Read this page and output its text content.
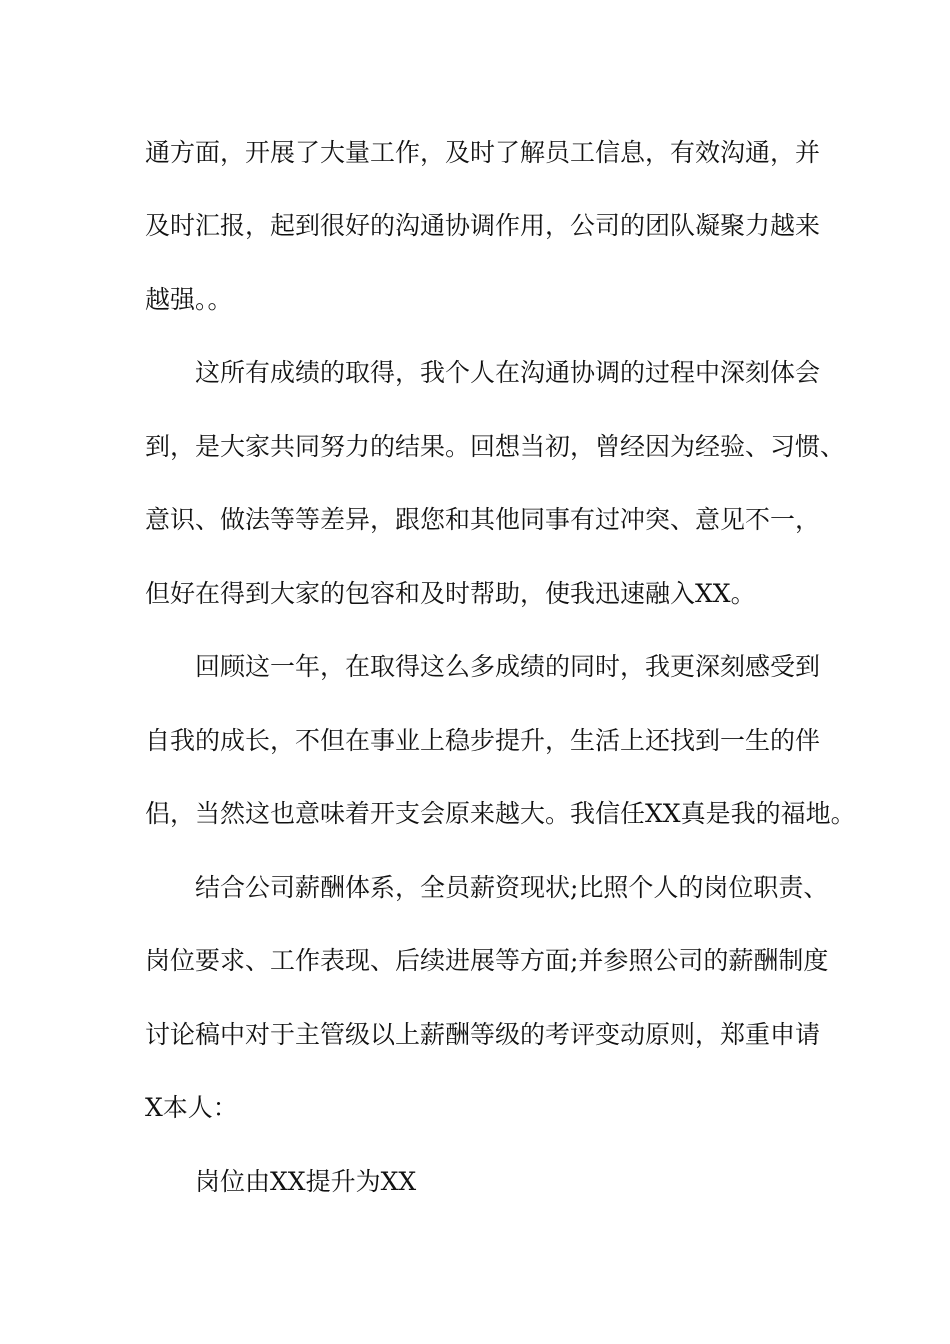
通方面，开展了大量工作，及时了解员工信息，有效沟通，并
及时汇报，起到很好的沟通协调作用，公司的团队凝聚力越来
越强。。
这所有成绩的取得，我个人在沟通协调的过程中深刻体会
到，是大家共同努力的结果。回想当初，曾经因为经验、习惯、
意识、做法等等差异，跟您和其他同事有过冲突、意见不一，
但好在得到大家的包容和及时帮助，使我迅速融入XX。
回顾这一年，在取得这么多成绩的同时，我更深刻感受到
自我的成长，不但在事业上稳步提升，生活上还找到一生的伴
侣，当然这也意味着开支会原来越大。我信任XX真是我的福地。
结合公司薪酬体系，全员薪资现状;比照个人的岗位职责、
岗位要求、工作表现、后续进展等方面;并参照公司的薪酬制度
讨论稿中对于主管级以上薪酬等级的考评变动原则，郑重申请
X本人：
岗位由XX提升为XX
